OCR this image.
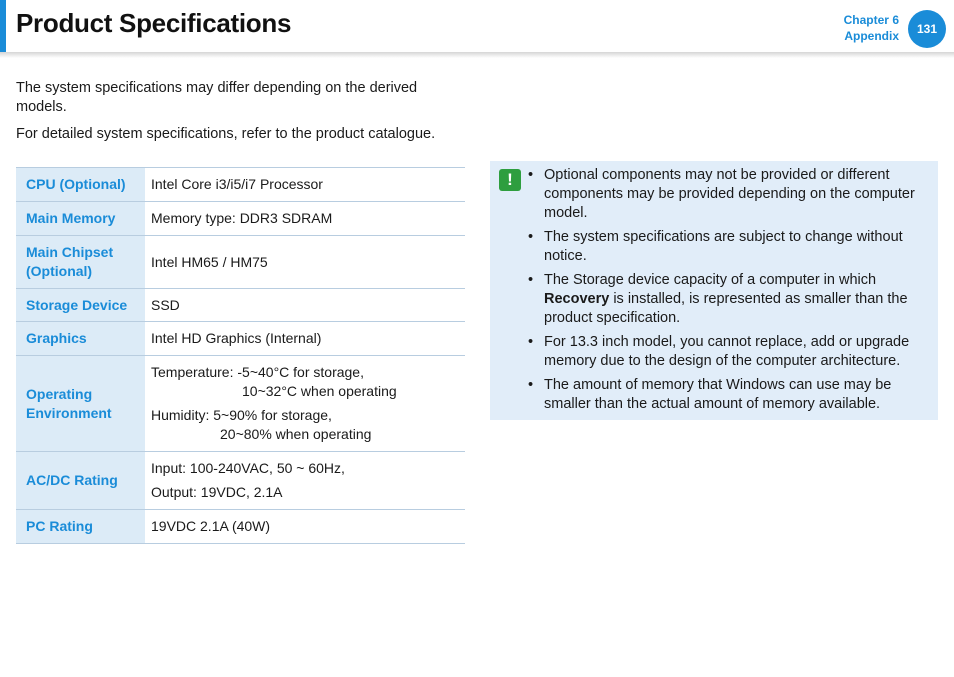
Product Specifications	Chapter 6
Appendix	131

The system specifications may differ depending on the derived models.

For detailed system specifications, refer to the product catalogue.

CPU (Optional)	Intel Core i3/i5/i7 Processor
Main Memory	Memory type: DDR3 SDRAM
Main Chipset (Optional)	Intel HM65 / HM75
Storage Device	SSD
Graphics	Intel HD Graphics (Internal)
Operating Environment	Temperature: -5~40°C for storage,
10~32°C when operating
Humidity: 5~90% for storage,
20~80% when operating

AC/DC Rating	Input: 100-240VAC, 50 ~ 60Hz,
Output: 19VDC, 2.1A

PC Rating	19VDC 2.1A (40W)
!	• Optional components may not be provided or different components may be provided depending on the computer model.
• The system specifications are subject to change without notice.
• The Storage device capacity of a computer in which Recovery is installed, is represented as smaller than the product specification.
• For 13.3 inch model, you cannot replace, add or upgrade memory due to the design of the computer architecture.
• The amount of memory that Windows can use may be smaller than the actual amount of memory available.
